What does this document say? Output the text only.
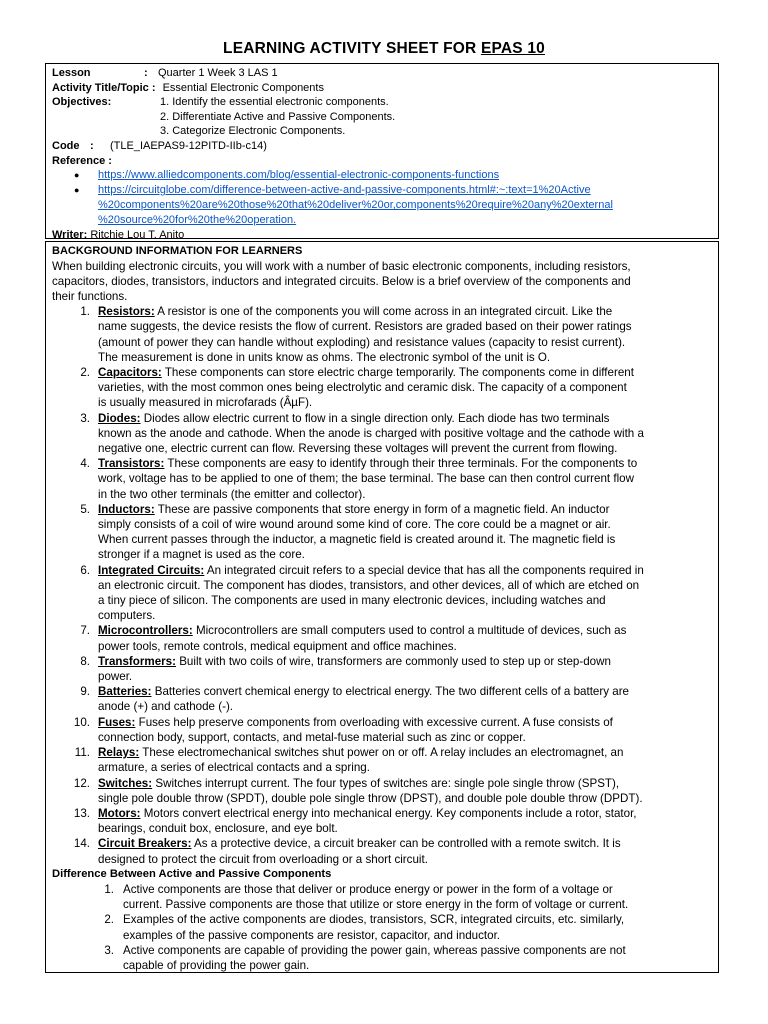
LEARNING ACTIVITY SHEET FOR EPAS 10
Lesson	: Quarter 1 Week 3 LAS 1
Activity Title/Topic : Essential Electronic Components
Objectives:	1. Identify the essential electronic components.
2. Differentiate Active and Passive Components.
3. Categorize Electronic Components.
Code : (TLE_IAEPAS9-12PITD-IIb-c14)
Reference :
● https://www.alliedcomponents.com/blog/essential-electronic-components-functions
● https://circuitglobe.com/difference-between-active-and-passive-components.html#:~:text=1%20Active
%20components%20are%20those%20that%20deliver%20or,components%20require%20any%20external
%20source%20for%20the%20operation.
Writer: Ritchie Lou T. Anito
BACKGROUND INFORMATION FOR LEARNERS
When building electronic circuits, you will work with a number of basic electronic components, including resistors,
capacitors, diodes, transistors, inductors and integrated circuits. Below is a brief overview of the components and
their functions.
1. Resistors: A resistor is one of the components you will come across in an integrated circuit. Like the
name suggests, the device resists the flow of current. Resistors are graded based on their power ratings
(amount of power they can handle without exploding) and resistance values (capacity to resist current).
The measurement is done in units know as ohms. The electronic symbol of the unit is O.
2. Capacitors: These components can store electric charge temporarily. The components come in different
varieties, with the most common ones being electrolytic and ceramic disk. The capacity of a component
is usually measured in microfarads (ÂµF).
3. Diodes: Diodes allow electric current to flow in a single direction only. Each diode has two terminals
known as the anode and cathode. When the anode is charged with positive voltage and the cathode with a
negative one, electric current can flow. Reversing these voltages will prevent the current from flowing.
4. Transistors: These components are easy to identify through their three terminals. For the components to
work, voltage has to be applied to one of them; the base terminal. The base can then control current flow
in the two other terminals (the emitter and collector).
5. Inductors: These are passive components that store energy in form of a magnetic field. An inductor
simply consists of a coil of wire wound around some kind of core. The core could be a magnet or air.
When current passes through the inductor, a magnetic field is created around it. The magnetic field is
stronger if a magnet is used as the core.
6. Integrated Circuits: An integrated circuit refers to a special device that has all the components required in
an electronic circuit. The component has diodes, transistors, and other devices, all of which are etched on
a tiny piece of silicon. The components are used in many electronic devices, including watches and
computers.
7. Microcontrollers: Microcontrollers are small computers used to control a multitude of devices, such as
power tools, remote controls, medical equipment and office machines.
8. Transformers: Built with two coils of wire, transformers are commonly used to step up or step-down
power.
9. Batteries: Batteries convert chemical energy to electrical energy. The two different cells of a battery are
anode (+) and cathode (-).
10. Fuses: Fuses help preserve components from overloading with excessive current. A fuse consists of
connection body, support, contacts, and metal-fuse material such as zinc or copper.
11. Relays: These electromechanical switches shut power on or off. A relay includes an electromagnet, an
armature, a series of electrical contacts and a spring.
12. Switches: Switches interrupt current. The four types of switches are: single pole single throw (SPST),
single pole double throw (SPDT), double pole single throw (DPST), and double pole double throw (DPDT).
13. Motors: Motors convert electrical energy into mechanical energy. Key components include a rotor, stator,
bearings, conduit box, enclosure, and eye bolt.
14. Circuit Breakers: As a protective device, a circuit breaker can be controlled with a remote switch. It is
designed to protect the circuit from overloading or a short circuit.
Difference Between Active and Passive Components
1. Active components are those that deliver or produce energy or power in the form of a voltage or
current. Passive components are those that utilize or store energy in the form of voltage or current.
2. Examples of the active components are diodes, transistors, SCR, integrated circuits, etc. similarly,
examples of the passive components are resistor, capacitor, and inductor.
3. Active components are capable of providing the power gain, whereas passive components are not
capable of providing the power gain.
